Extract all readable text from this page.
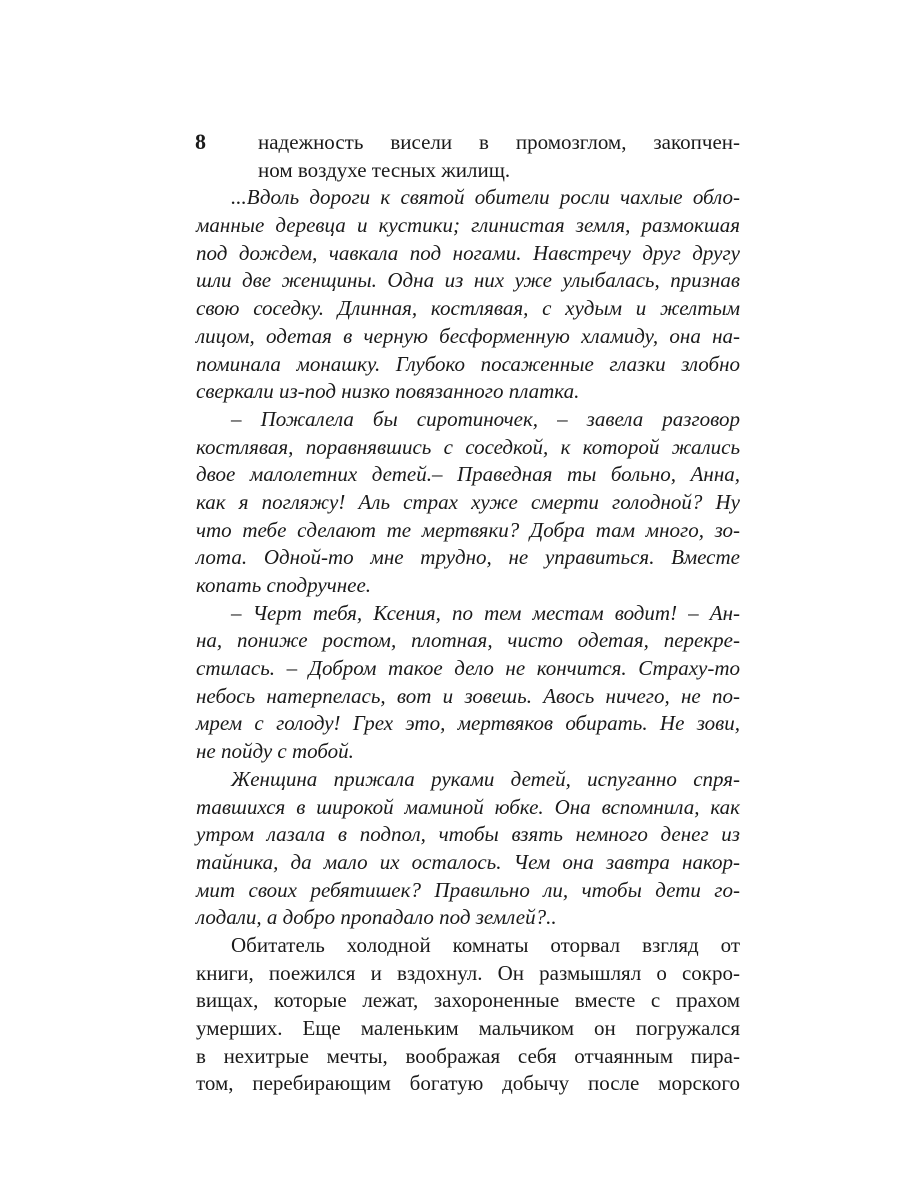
8	надежность висели в промозглом, закопчен-
ном воздухе тесных жилищ.
...Вдоль дороги к святой обители росли чахлые обло-
манные деревца и кустики; глинистая земля, размокшая
под дождем, чавкала под ногами. Навстречу друг другу
шли две женщины. Одна из них уже улыбалась, признав
свою соседку. Длинная, костлявая, с худым и желтым
лицом, одетая в черную бесформенную хламиду, она на-
поминала монашку. Глубоко посаженные глазки злобно
сверкали из-под низко повязанного платка.
– Пожалела бы сиротиночек, – завела разговор
костлявая, поравнявшись с соседкой, к которой жались
двое малолетних детей.– Праведная ты больно, Анна,
как я погляжу! Аль страх хуже смерти голодной? Ну
что тебе сделают те мертвяки? Добра там много, зо-
лота. Одной-то мне трудно, не управиться. Вместе
копать сподручнее.
– Черт тебя, Ксения, по тем местам водит! – Ан-
на, пониже ростом, плотная, чисто одетая, перекре-
стилась. – Добром такое дело не кончится. Страху-то
небось натерпелась, вот и зовешь. Авось ничего, не по-
мрем с голоду! Грех это, мертвяков обирать. Не зови,
не пойду с тобой.
Женщина прижала руками детей, испуганно спря-
тавшихся в широкой маминой юбке. Она вспомнила, как
утром лазала в подпол, чтобы взять немного денег из
тайника, да мало их осталось. Чем она завтра накор-
мит своих ребятишек? Правильно ли, чтобы дети го-
лодали, а добро пропадало под землей?..
Обитатель холодной комнаты оторвал взгляд от
книги, поежился и вздохнул. Он размышлял о сокро-
вищах, которые лежат, захороненные вместе с прахом
умерших. Еще маленьким мальчиком он погружался
в нехитрые мечты, воображая себя отчаянным пира-
том, перебирающим богатую добычу после морского
